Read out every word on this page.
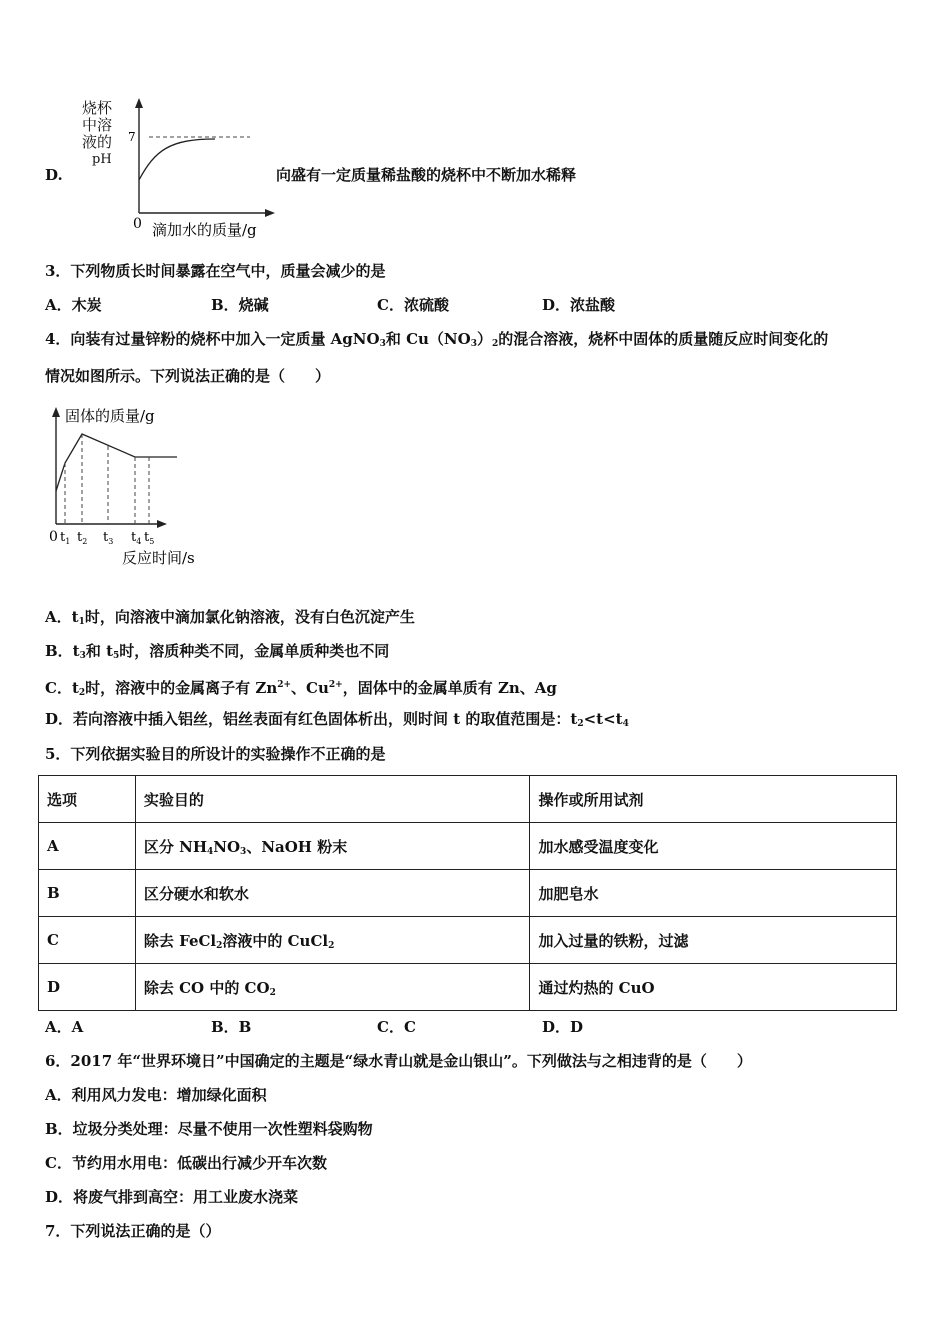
D.
烧杯
中溶
液的
pH
7
0 滴加水的质量/g
向盛有一定质量稀盐酸的烧杯中不断加水稀释
3．下列物质长时间暴露在空气中，质量会减少的是
A．木炭	B．烧碱	C．浓硫酸	D．浓盐酸
4．向装有过量锌粉的烧杯中加入一定质量 AgNO$_3$和 $Cu(NO_3)_2$的混合溶液，烧杯中固体的质量随反应时间变化的
情况如图所示。下列说法正确的是（　　）
固体的质量/g
0 $t_1$ $t_2$ $t_3$ $t_4$ $t_5$
反应时间/s
A．$t_1$时，向溶液中滴加氯化钠溶液，没有白色沉淀产生
B．$t_3$和 $t_5$时，溶质种类不同，金属单质种类也不同
C．$t_2$时，溶液中的金属离子有 $Zn^{2+}$、$Cu^{2+}$，固体中的金属单质有 Zn、Ag
D．若向溶液中插入铝丝，铝丝表面有红色固体析出，则时间 t 的取值范围是：$t_2<t<t_4$
5．下列依据实验目的所设计的实验操作不正确的是
选项	实验目的	操作或所用试剂
A	区分 $NH_4NO_3$、NaOH 粉末	加水感受温度变化
B	区分硬水和软水	加肥皂水
C	除去 FeCl$_2$溶液中的 CuCl$_2$	加入过量的铁粉，过滤
D	除去 CO 中的 $CO_2$	通过灼热的 CuO
A．A	B．B	C．C	D．D
6．2017 年“世界环境日”中国确定的主题是“绿水青山就是金山银山”。下列做法与之相违背的是（　　）
A．利用风力发电：增加绿化面积
B．垃圾分类处理：尽量不使用一次性塑料袋购物
C．节约用水用电：低碳出行减少开车次数
D．将废气排到高空：用工业废水浇菜
7．下列说法正确的是（）
